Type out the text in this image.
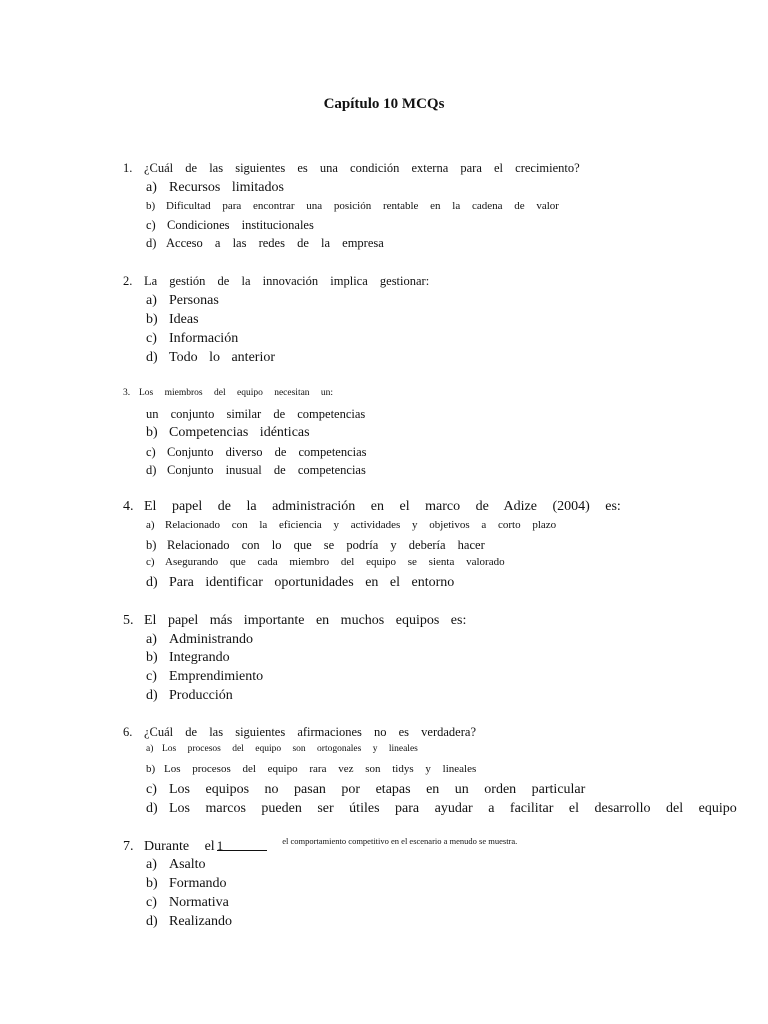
Capítulo 10 MCQs
1. ¿Cuál de las siguientes es una condición externa para el crecimiento?
a) Recursos limitados
b) Dificultad para encontrar una posición rentable en la cadena de valor
c) Condiciones institucionales
d) Acceso a las redes de la empresa
2. La gestión de la innovación implica gestionar:
a) Personas
b) Ideas
c) Información
d) Todo lo anterior
3. Los miembros del equipo necesitan un:
un conjunto similar de competencias
b) Competencias idénticas
c) Conjunto diverso de competencias
d) Conjunto inusual de competencias
4. El papel de la administración en el marco de Adize (2004) es:
a) Relacionado con la eficiencia y actividades y objetivos a corto plazo
b) Relacionado con lo que se podría y debería hacer
c) Asegurando que cada miembro del equipo se sienta valorado
d) Para identificar oportunidades en el entorno
5. El papel más importante en muchos equipos es:
a) Administrando
b) Integrando
c) Emprendimiento
d) Producción
6. ¿Cuál de las siguientes afirmaciones no es verdadera?
a) Los procesos del equipo son ortogonales y lineales
b) Los procesos del equipo rara vez son tidys y lineales
c) Los equipos no pasan por etapas en un orden particular
d) Los marcos pueden ser útiles para ayudar a facilitar el desarrollo del equipo
7. Durante el 1	$^{el comportamiento competitivo en el escenario a menudo se muestra.}$
a) Asalto
b) Formando
c) Normativa
d) Realizando
